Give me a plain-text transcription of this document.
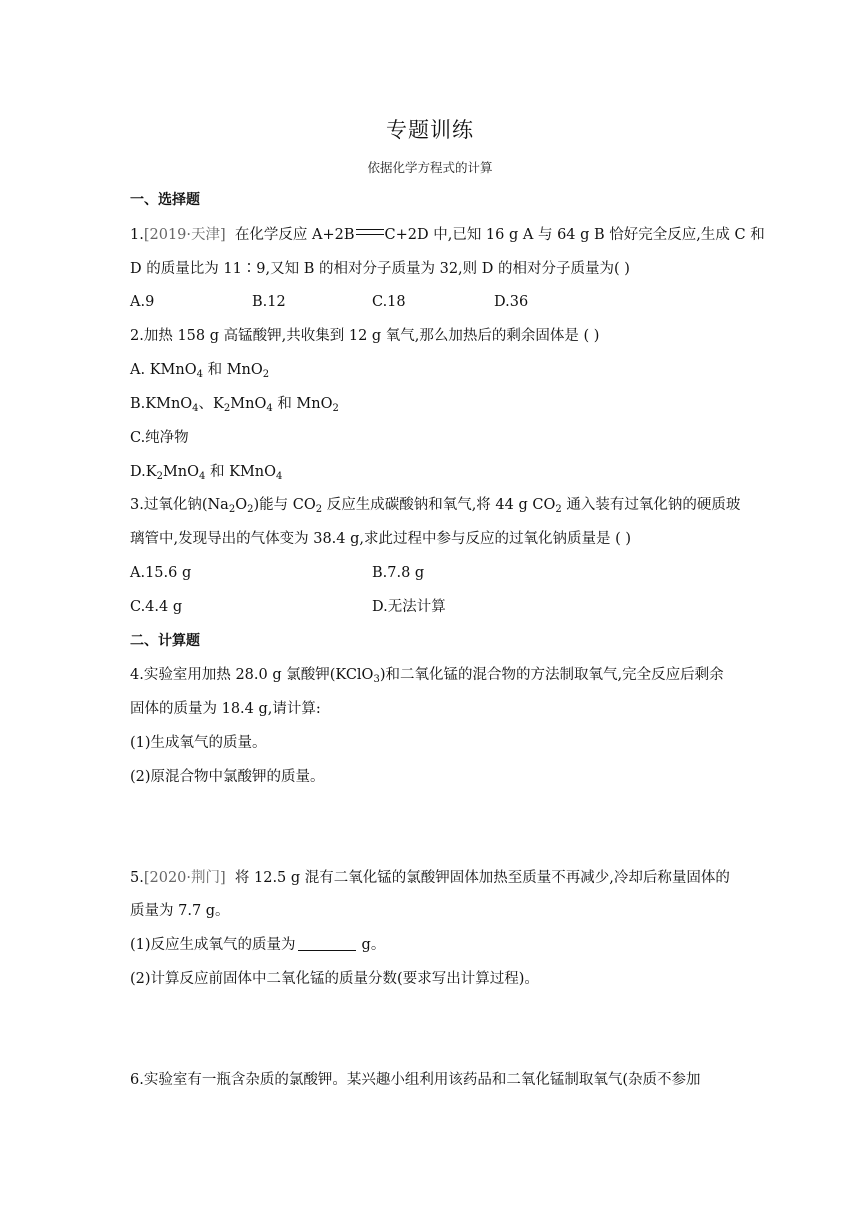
专题训练
依据化学方程式的计算
一、选择题
1.[2019·天津] 在化学反应 A+2B C+2D 中,已知 16 g A 与 64 g B 恰好完全反应,生成 C 和
D 的质量比为 11∶9,又知 B 的相对分子质量为 32,则 D 的相对分子质量为( )
A.9	B.12	C.18	D.36
2.加热 158 g 高锰酸钾,共收集到 12 g 氧气,那么加热后的剩余固体是 ( )
A. KMnO$_4$ 和 MnO$_2$
B.KMnO$_4$、$K_2MnO_4$ 和 MnO$_2$
C.纯净物
$D.K_2MnO_4$ 和 KMnO$_4$
3.过氧化钠$(Na_2O_2)$能与 $CO_2$ 反应生成碳酸钠和氧气,将 44 g $CO_2$ 通入装有过氧化钠的硬质玻
璃管中,发现导出的气体变为 38.4 g,求此过程中参与反应的过氧化钠质量是 ( )
A.15.6 g	B.7.8 g
C.4.4 g	D.无法计算
二、计算题
4.实验室用加热 28.0 g 氯酸钾(KClO$_3$)和二氧化锰的混合物的方法制取氧气,完全反应后剩余
固体的质量为 18.4 g,请计算:
(1)生成氧气的质量。
(2)原混合物中氯酸钾的质量。
5.[2020·荆门] 将 12.5 g 混有二氧化锰的氯酸钾固体加热至质量不再减少,冷却后称量固体的
质量为 7.7 g。
(1)反应生成氧气的质量为	g。
(2)计算反应前固体中二氧化锰的质量分数(要求写出计算过程)。
6.实验室有一瓶含杂质的氯酸钾。某兴趣小组利用该药品和二氧化锰制取氧气(杂质不参加
